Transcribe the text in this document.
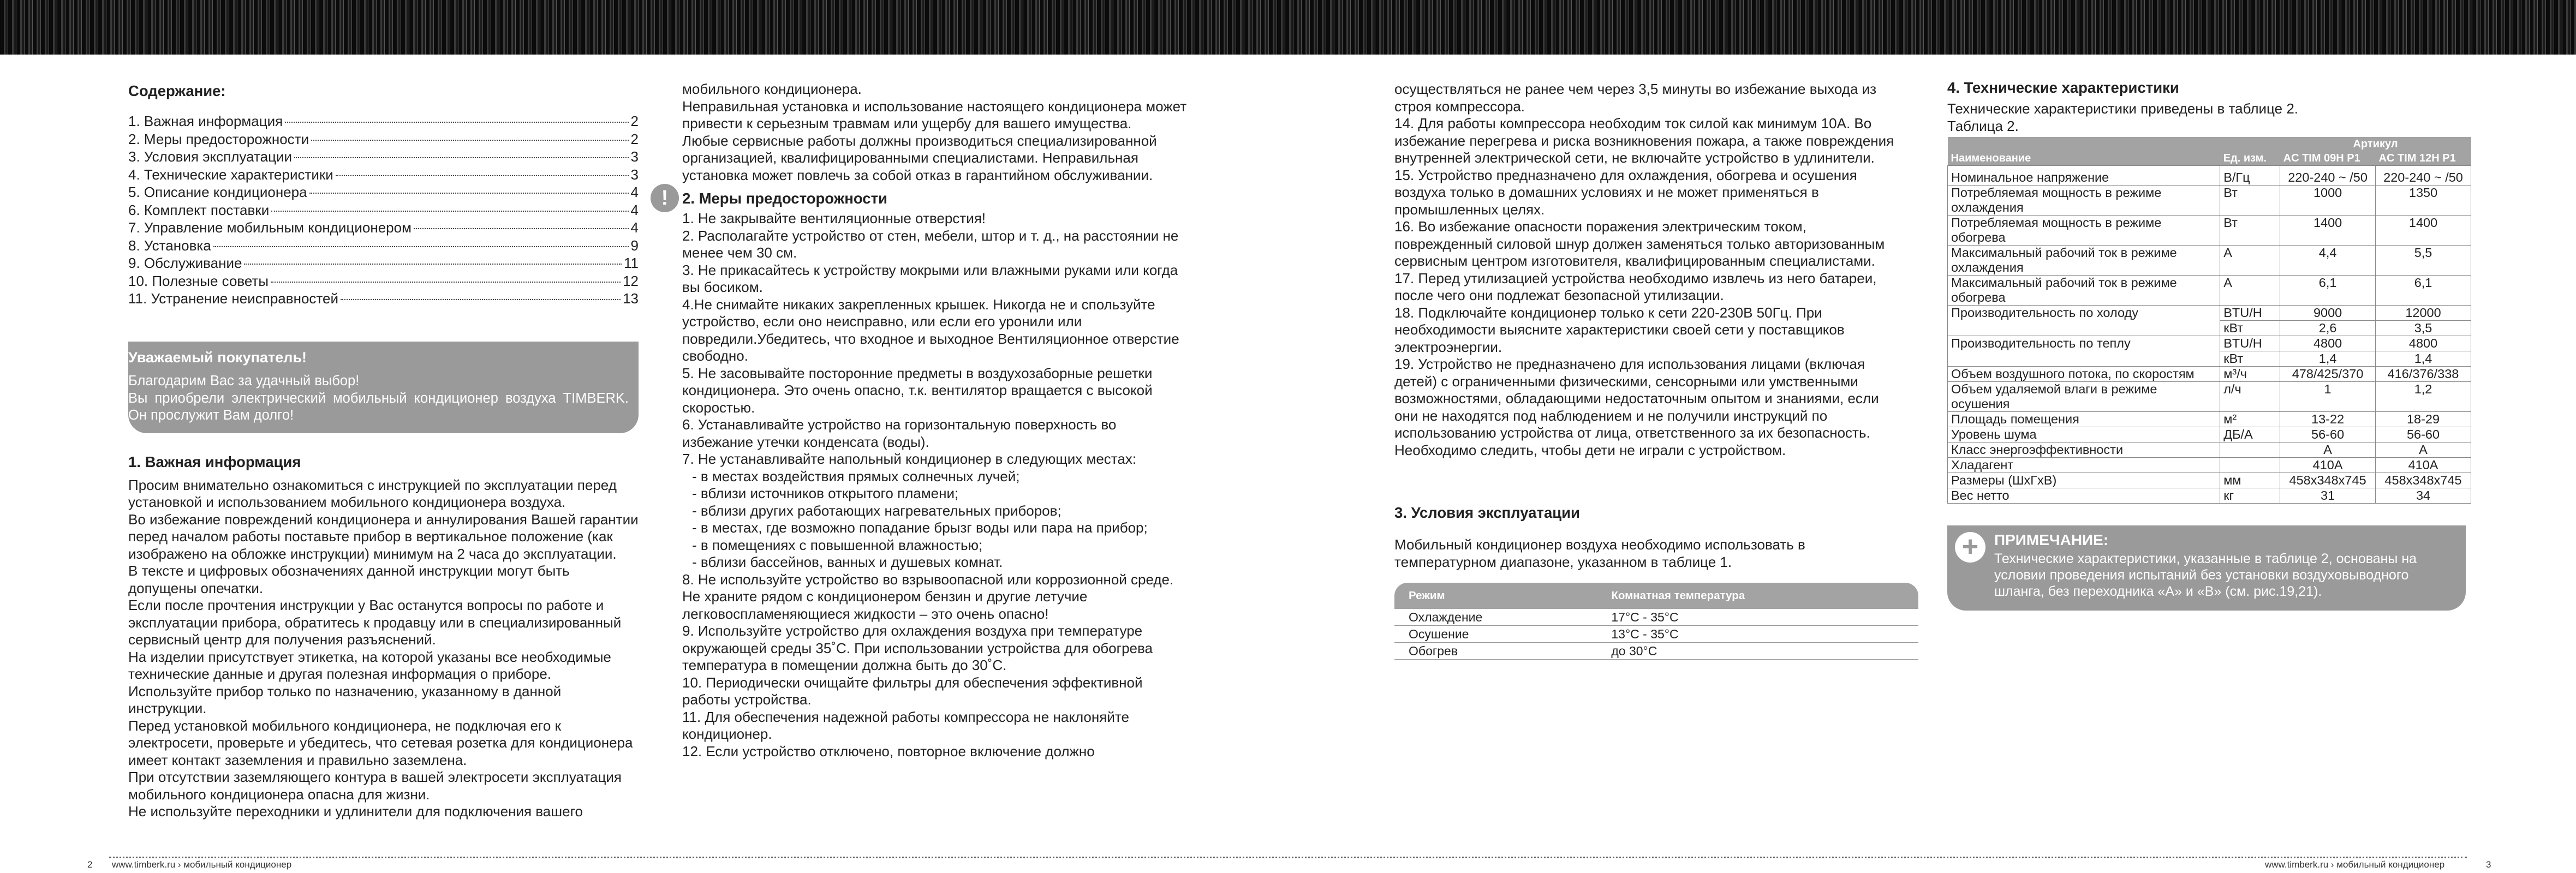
Содержание:
1. Важная информация	2
2. Меры предосторожности	2
3. Условия эксплуатации	3
4. Технические характеристики	3
5. Описание кондиционера	4
6. Комплект поставки	4
7. Управление мобильным кондиционером	4
8. Установка	9
9. Обслуживание	11
10. Полезные советы	12
11. Устранение неисправностей	13
Уважаемый покупатель!
Благодарим Вас за удачный выбор!
Вы приобрели электрический мобильный кондиционер воздуха TIMBERK. Он прослужит Вам долго!
1. Важная информация

Просим внимательно ознакомиться с инструкцией по эксплуатации перед установкой и использованием мобильного кондиционера воздуха.

Во избежание повреждений кондиционера и аннулирования Вашей гарантии перед началом работы поставьте прибор в вертикальное положение (как изображено на обложке инструкции) минимум на 2 часа до эксплуатации.

В тексте и цифровых обозначениях данной инструкции могут быть допущены опечатки.

Если после прочтения инструкции у Вас останутся вопросы по работе и эксплуатации прибора, обратитесь к продавцу или в специализированный сервисный центр для получения разъяснений.

На изделии присутствует этикетка, на которой указаны все необходимые технические данные и другая полезная информация о приборе. Используйте прибор только по назначению, указанному в данной инструкции.

Перед установкой мобильного кондиционера, не подключая его к электросети, проверьте и убедитесь, что сетевая розетка для кондиционера имеет контакт заземления и правильно заземлена.

При отсутствии заземляющего контура в вашей электросети эксплуатация мобильного кондиционера опасна для жизни.

Не используйте переходники и удлинители для подключения вашего

мобильного кондиционера.

Неправильная установка и использование настоящего кондиционера может привести к серьезным травмам или ущербу для вашего имущества.

Любые сервисные работы должны производиться специализированной организацией, квалифицированными специалистами. Неправильная установка может повлечь за собой отказ в гарантийном обслуживании.

! 2. Меры предосторожности

1. Не закрывайте вентиляционные отверстия!

2. Располагайте устройство от стен, мебели, штор и т. д., на расстоянии не менее чем 30 см.

3. Не прикасайтесь к устройству мокрыми или влажными руками или когда вы босиком.

4.Не снимайте никаких закрепленных крышек. Никогда не и спользуйте устройство, если оно неисправно, или если его уронили или повредили.Убедитесь, что входное и выходное Вентиляционное отверстие свободно.

5. Не засовывайте посторонние предметы в воздухозаборные решетки кондиционера. Это очень опасно, т.к. вентилятор вращается с высокой скоростью.

6. Устанавливайте устройство на горизонтальную поверхность во избежание утечки конденсата (воды).

7. Не устанавливайте напольный кондиционер в следующих местах:

- в местах воздействия прямых солнечных лучей;

- вблизи источников открытого пламени;

- вблизи других работающих нагревательных приборов;

- в местах, где возможно попадание брызг воды или пара на прибор;

- в помещениях с повышенной влажностью;

- вблизи бассейнов, ванных и душевых комнат.

8. Не используйте устройство во взрывоопасной или коррозионной среде. Не храните рядом с кондиционером бензин и другие летучие легковоспламеняющиеся жидкости – это очень опасно!

9. Используйте устройство для охлаждения воздуха при температуре окружающей среды 35˚С. При использовании устройства для обогрева температура в помещении должна быть до 30˚С.

10. Периодически очищайте фильтры для обеспечения эффективной работы устройства.

11. Для обеспечения надежной работы компрессора не наклоняйте кондиционер.

12. Если устройство отключено, повторное включение должно

осуществляться не ранее чем через 3,5 минуты во избежание выхода из строя компрессора.

14. Для работы компрессора необходим ток силой как минимум 10А. Во избежание перегрева и риска возникновения пожара, а также повреждения внутренней электрической сети, не включайте устройство в удлинители.

15. Устройство предназначено для охлаждения, обогрева и осушения воздуха только в домашних условиях и не может применяться в промышленных целях.

16. Во избежание опасности поражения электрическим током, поврежденный силовой шнур должен заменяться только авторизованным сервисным центром изготовителя, квалифицированным специалистами.

17. Перед утилизацией устройства необходимо извлечь из него батареи, после чего они подлежат безопасной утилизации.

18. Подключайте кондиционер только к сети 220-230В 50Гц. При необходимости выясните характеристики своей сети у поставщиков электроэнергии.

19. Устройство не предназначено для использования лицами (включая детей) с ограниченными физическими, сенсорными или умственными возможностями, обладающими недостаточным опытом и знаниями, если они не находятся под наблюдением и не получили инструкций по использованию устройства от лица, ответственного за их безопасность. Необходимо следить, чтобы дети не играли с устройством.

3. Условия эксплуатации

Мобильный кондиционер воздуха необходимо использовать в температурном диапазоне, указанном в таблице 1.

Режим	Комнатная температура
Охлаждение	17°C - 35°C
Осушение	13°C - 35°C
Обогрев	до 30°C
4. Технические характеристики

Технические характеристики приведены в таблице 2.

Таблица 2.

Наименование	Ед. изм.	Артикул	
		AC TIM 09H P1	AC TIM 12H P1
Номинальное напряжение	В/Гц	220-240 ~ /50	220-240 ~ /50
Потребляемая мощность в режиме охлаждения	Вт	1000	1350
Потребляемая мощность в режиме обогрева	Вт	1400	1400
Максимальный рабочий ток в режиме охлаждения	А	4,4	5,5
Максимальный рабочий ток в режиме обогрева	А	6,1	6,1
Производительность по холоду	BTU/H	9000	12000
	кВт	2,6	3,5
Производительность по теплу	BTU/H	4800	4800
	кВт	1,4	1,4
Объем воздушного потока, по скоростям	м³/ч	478/425/370	416/376/338
Объем удаляемой влаги в режиме осушения	л/ч	1	1,2
Площадь помещения	м²	13-22	18-29
Уровень шума	ДБ/А	56-60	56-60
Класс энергоэффективности		A	A
Хладагент		410A	410A
Размеры (ШхГхВ)	мм	458x348x745	458x348x745
Вес нетто	кг	31	34
+	ПРИМЕЧАНИЕ:
Технические характеристики, указанные в таблице 2, основаны на условии проведения испытаний без установки воздуховыводного шланга, без переходника «A» и «B» (см. рис.19,21).
2 www.timberk.ru › мобильный кондиционер	www.timberk.ru › мобильный кондиционер	3
